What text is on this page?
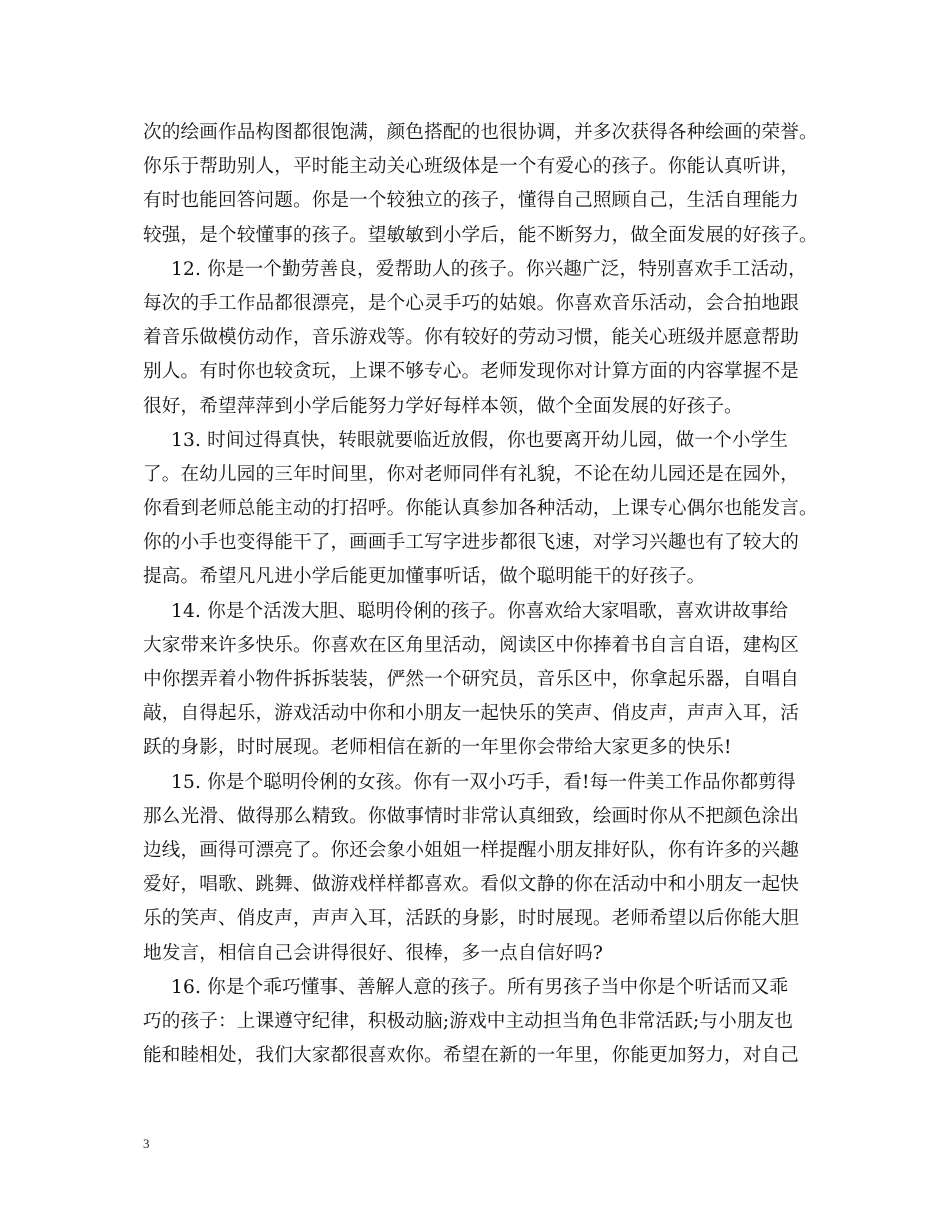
次的绘画作品构图都很饱满，颜色搭配的也很协调，并多次获得各种绘画的荣誉。
你乐于帮助别人，平时能主动关心班级体是一个有爱心的孩子。你能认真听讲，
有时也能回答问题。你是一个较独立的孩子，懂得自己照顾自己，生活自理能力
较强，是个较懂事的孩子。望敏敏到小学后，能不断努力，做全面发展的好孩子。
12. 你是一个勤劳善良，爱帮助人的孩子。你兴趣广泛，特别喜欢手工活动，
每次的手工作品都很漂亮，是个心灵手巧的姑娘。你喜欢音乐活动，会合拍地跟
着音乐做模仿动作，音乐游戏等。你有较好的劳动习惯，能关心班级并愿意帮助
别人。有时你也较贪玩，上课不够专心。老师发现你对计算方面的内容掌握不是
很好，希望萍萍到小学后能努力学好每样本领，做个全面发展的好孩子。
13. 时间过得真快，转眼就要临近放假，你也要离开幼儿园，做一个小学生
了。在幼儿园的三年时间里，你对老师同伴有礼貌，不论在幼儿园还是在园外，
你看到老师总能主动的打招呼。你能认真参加各种活动，上课专心偶尔也能发言。
你的小手也变得能干了，画画手工写字进步都很飞速，对学习兴趣也有了较大的
提高。希望凡凡进小学后能更加懂事听话，做个聪明能干的好孩子。
14. 你是个活泼大胆、聪明伶俐的孩子。你喜欢给大家唱歌，喜欢讲故事给
大家带来许多快乐。你喜欢在区角里活动，阅读区中你捧着书自言自语，建构区
中你摆弄着小物件拆拆装装，俨然一个研究员，音乐区中，你拿起乐器，自唱自
敲，自得起乐，游戏活动中你和小朋友一起快乐的笑声、俏皮声，声声入耳，活
跃的身影，时时展现。老师相信在新的一年里你会带给大家更多的快乐!
15. 你是个聪明伶俐的女孩。你有一双小巧手，看!每一件美工作品你都剪得
那么光滑、做得那么精致。你做事情时非常认真细致，绘画时你从不把颜色涂出
边线，画得可漂亮了。你还会象小姐姐一样提醒小朋友排好队，你有许多的兴趣
爱好，唱歌、跳舞、做游戏样样都喜欢。看似文静的你在活动中和小朋友一起快
乐的笑声、俏皮声，声声入耳，活跃的身影，时时展现。老师希望以后你能大胆
地发言，相信自己会讲得很好、很棒，多一点自信好吗?
16. 你是个乖巧懂事、善解人意的孩子。所有男孩子当中你是个听话而又乖
巧的孩子：上课遵守纪律，积极动脑;游戏中主动担当角色非常活跃;与小朋友也
能和睦相处，我们大家都很喜欢你。希望在新的一年里，你能更加努力，对自己
3
